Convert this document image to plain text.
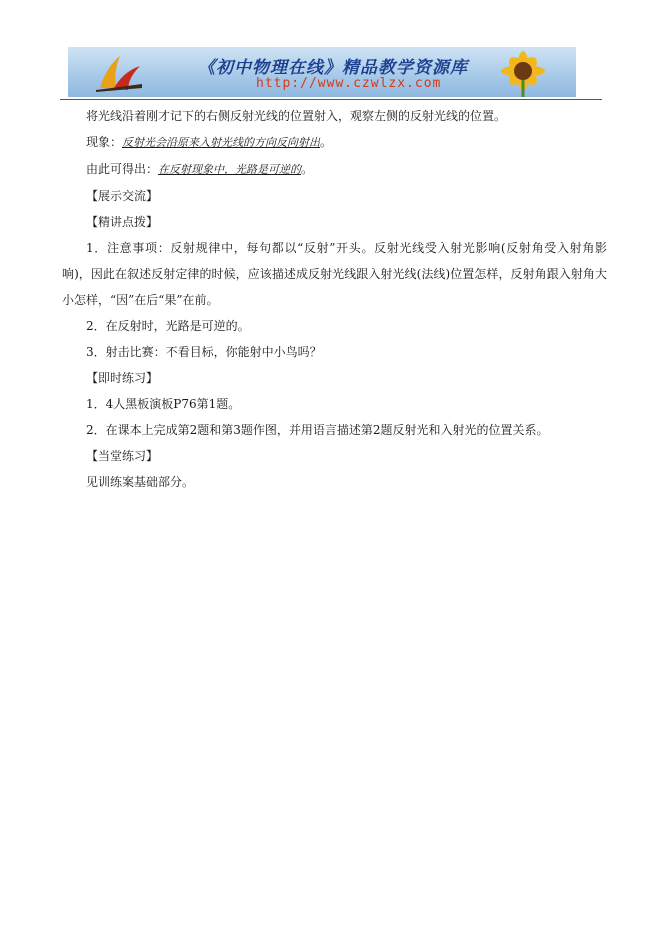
《初中物理在线》精品教学资源库
http://www.czwlzx.com

将光线沿着刚才记下的右侧反射光线的位置射入，观察左侧的反射光线的位置。

现象：反射光会沿原来入射光线的方向反向射出。

由此可得出：在反射现象中，光路是可逆的。

【展示交流】

【精讲点拨】

1．注意事项：反射规律中，每句都以“反射”开头。反射光线受入射光影响(反射角受入射角影响)，因此在叙述反射定律的时候，应该描述成反射光线跟入射光线(法线)位置怎样，反射角跟入射角大小怎样，“因”在后“果”在前。

2．在反射时，光路是可逆的。

3．射击比赛：不看目标，你能射中小鸟吗？

【即时练习】

1．4人黑板演板P76第1题。

2．在课本上完成第2题和第3题作图，并用语言描述第2题反射光和入射光的位置关系。

【当堂练习】

见训练案基础部分。
